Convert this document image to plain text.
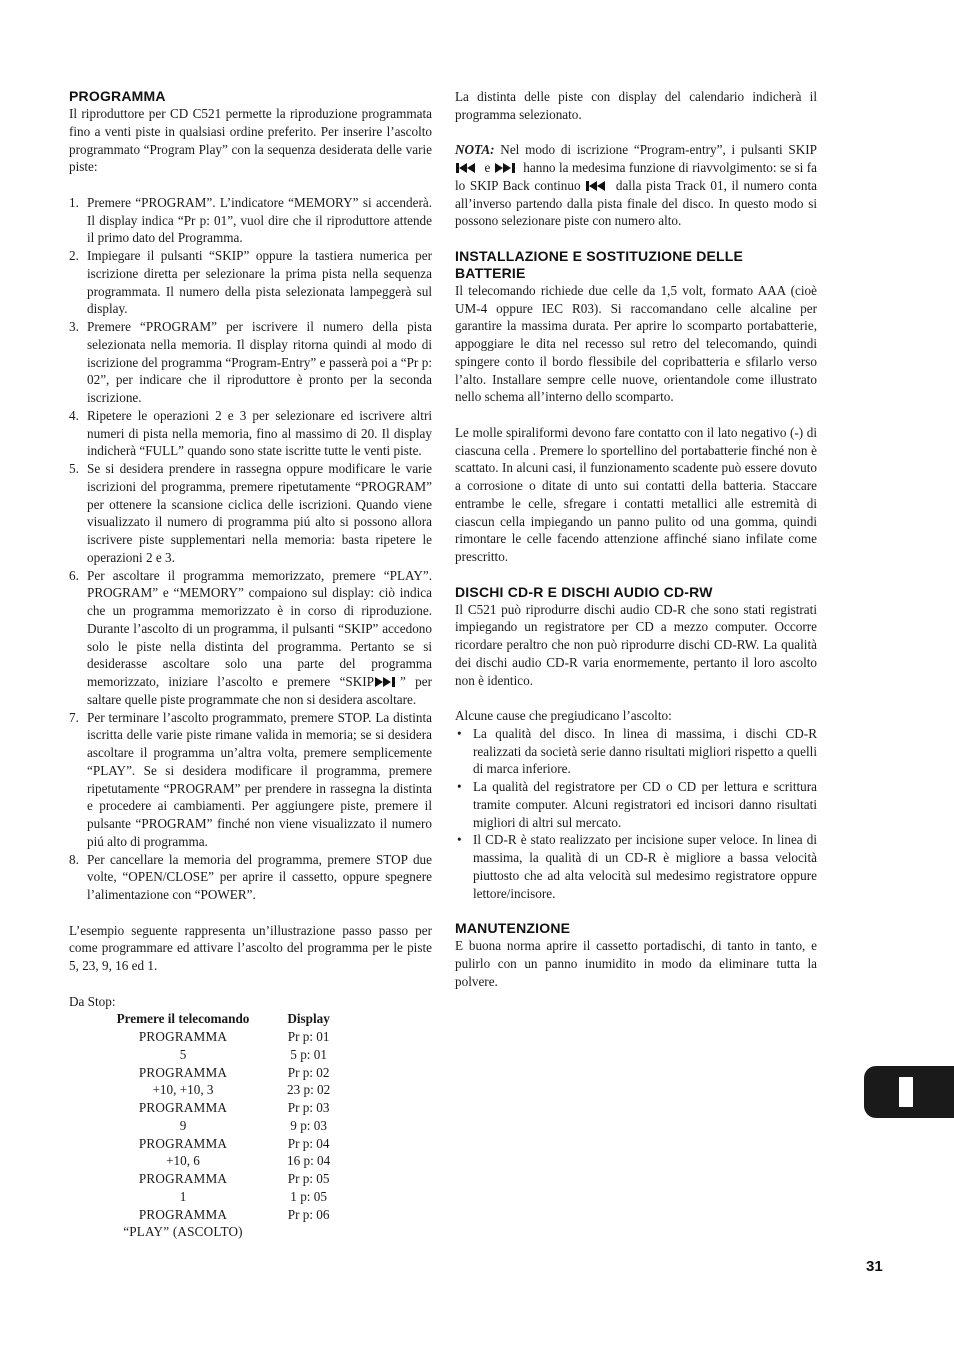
PROGRAMMA

Il riproduttore per CD C521 permette la riproduzione programmata fino a venti piste in qualsiasi ordine preferito. Per inserire l’ascolto programmato “Program Play” con la sequenza desiderata delle varie piste:

1. Premere “PROGRAM”. L’indicatore “MEMORY” si accenderà. Il display indica “Pr p: 01”, vuol dire che il riproduttore attende il primo dato del Programma.
2. Impiegare il pulsanti “SKIP” oppure la tastiera numerica per iscrizione diretta per selezionare la prima pista nella sequenza programmata. Il numero della pista selezionata lampeggerà sul display.
3. Premere “PROGRAM” per iscrivere il numero della pista selezionata nella memoria. Il display ritorna quindi al modo di iscrizione del programma “Program-Entry” e passerà poi a “Pr p: 02”, per indicare che il riproduttore è pronto per la seconda iscrizione.
4. Ripetere le operazioni 2 e 3 per selezionare ed iscrivere altri numeri di pista nella memoria, fino al massimo di 20. Il display indicherà “FULL” quando sono state iscritte tutte le venti piste.
5. Se si desidera prendere in rassegna oppure modificare le varie iscrizioni del programma, premere ripetutamente “PROGRAM” per ottenere la scansione ciclica delle iscrizioni. Quando viene visualizzato il numero di programma piú alto si possono allora iscrivere piste supplementari nella memoria: basta ripetere le operazioni 2 e 3.
6. Per ascoltare il programma memorizzato, premere “PLAY”. PROGRAM” e “MEMORY” compaiono sul display: ciò indica che un programma memorizzato è in corso di riproduzione. Durante l’ascolto di un programma, il pulsanti “SKIP” accedono solo le piste nella distinta del programma. Pertanto se si desiderasse ascoltare solo una parte del programma memorizzato, iniziare l’ascolto e premere “SKIP ” per saltare quelle piste programmate che non si desidera ascoltare.
7. Per terminare l’ascolto programmato, premere STOP. La distinta iscritta delle varie piste rimane valida in memoria; se si desidera ascoltare il programma un’altra volta, premere semplicemente “PLAY”. Se si desidera modificare il programma, premere ripetutamente “PROGRAM” per prendere in rassegna la distinta e procedere ai cambiamenti. Per aggiungere piste, premere il pulsante “PROGRAM” finché non viene visualizzato il numero piú alto di programma.
8. Per cancellare la memoria del programma, premere STOP due volte, “OPEN/CLOSE” per aprire il cassetto, oppure spegnere l’alimentazione con “POWER”.

L’esempio seguente rappresenta un’illustrazione passo passo per come programmare ed attivare l’ascolto del programma per le piste 5, 23, 9, 16 ed 1.

Da Stop:

Premere il telecomando	Display
PROGRAMMA	Pr p: 01
5	5 p: 01
PROGRAMMA	Pr p: 02
+10, +10, 3	23 p: 02
PROGRAMMA	Pr p: 03
9	9 p: 03
PROGRAMMA	Pr p: 04
+10, 6	16 p: 04
PROGRAMMA	Pr p: 05
1	1 p: 05
PROGRAMMA	Pr p: 06
“PLAY” (ASCOLTO)	

La distinta delle piste con display del calendario indicherà il programma selezionato.

NOTA: Nel modo di iscrizione “Program-entry”, i pulsanti SKIP
e
hanno la medesima funzione di riavvolgimento: se si fa lo SKIP Back continuo
dalla pista Track 01, il numero conta all’inverso partendo dalla pista finale del disco. In questo modo si possono selezionare piste con numero alto.

INSTALLAZIONE E SOSTITUZIONE DELLE BATTERIE

Il telecomando richiede due celle da 1,5 volt, formato AAA (cioè UM-4 oppure IEC R03). Si raccomandano celle alcaline per garantire la massima durata. Per aprire lo scomparto portabatterie, appoggiare le dita nel recesso sul retro del telecomando, quindi spingere conto il bordo flessibile del copribatteria e sfilarlo verso l’alto. Installare sempre celle nuove, orientandole come illustrato nello schema all’interno dello scomparto.

Le molle spiraliformi devono fare contatto con il lato negativo (-) di ciascuna cella . Premere lo sportellino del portabatterie finché non è scattato. In alcuni casi, il funzionamento scadente può essere dovuto a corrosione o ditate di unto sui contatti della batteria. Staccare entrambe le celle, sfregare i contatti metallici alle estremità di ciascun cella impiegando un panno pulito od una gomma, quindi rimontare le celle facendo attenzione affinché siano infilate come prescritto.

DISCHI CD-R E DISCHI AUDIO CD-RW

Il C521 può riprodurre dischi audio CD-R che sono stati registrati impiegando un registratore per CD a mezzo computer. Occorre ricordare peraltro che non può riprodurre dischi CD-RW. La qualità dei dischi audio CD-R varia enormemente, pertanto il loro ascolto non è identico.

Alcune cause che pregiudicano l’ascolto:

• La qualità del disco. In linea di massima, i dischi CD-R realizzati da società serie danno risultati migliori rispetto a quelli di marca inferiore.
• La qualità del registratore per CD o CD per lettura e scrittura tramite computer. Alcuni registratori ed incisori danno risultati migliori di altri sul mercato.
• Il CD-R è stato realizzato per incisione super veloce. In linea di massima, la qualità di un CD-R è migliore a bassa velocità piuttosto che ad alta velocità sul medesimo registratore oppure lettore/incisore.
MANUTENZIONE

E buona norma aprire il cassetto portadischi, di tanto in tanto, e pulirlo con un panno inumidito in modo da eliminare tutta la polvere.

31
